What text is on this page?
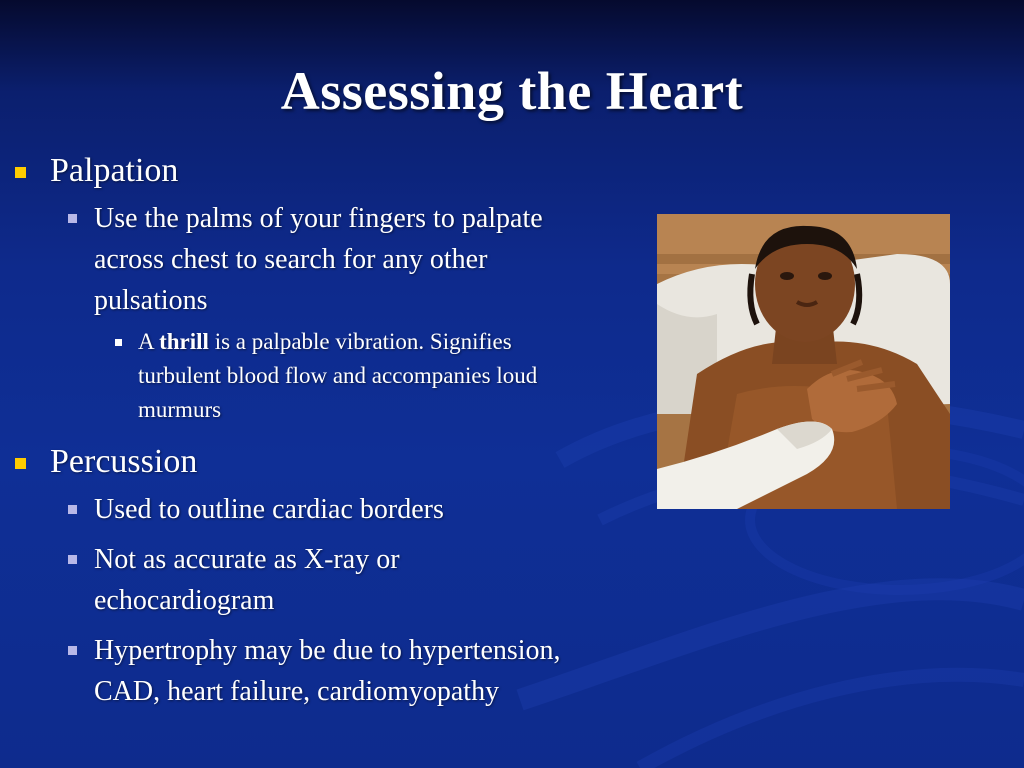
Assessing the Heart
Palpation
Use the palms of your fingers to palpate across chest to search for any other pulsations
A thrill is a palpable vibration. Signifies turbulent blood flow and accompanies loud murmurs
Percussion
Used to outline cardiac borders
Not as accurate as X-ray or echocardiogram
Hypertrophy may be due to hypertension, CAD, heart failure, cardiomyopathy
